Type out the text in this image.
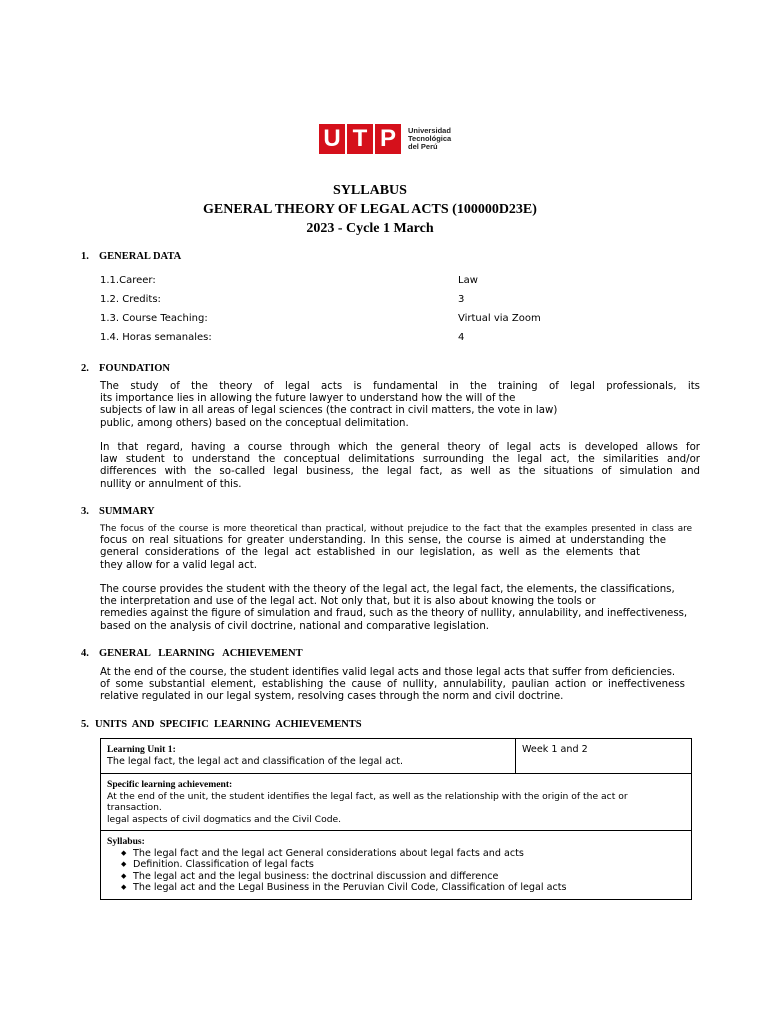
U T P	Universidad
Tecnológica
del Perú
SYLLABUS
GENERAL THEORY OF LEGAL ACTS (100000D23E)
2023 - Cycle 1 March
1. GENERAL DATA
1.1.Career:	Law
1.2. Credits:	3
1.3. Course Teaching:	Virtual via Zoom
1.4. Horas semanales:	4
2. FOUNDATION
The study of the theory of legal acts is fundamental in the training of legal professionals, its
its importance lies in allowing the future lawyer to understand how the will of the
subjects of law in all areas of legal sciences (the contract in civil matters, the vote in law)
public, among others) based on the conceptual delimitation.
In that regard, having a course through which the general theory of legal acts is developed allows for
law student to understand the conceptual delimitations surrounding the legal act, the similarities and/or
differences with the so-called legal business, the legal fact, as well as the situations of simulation and
nullity or annulment of this.
3. SUMMARY
The focus of the course is more theoretical than practical, without prejudice to the fact that the examples presented in class are
focus on real situations for greater understanding. In this sense, the course is aimed at understanding the
general considerations of the legal act established in our legislation, as well as the elements that
they allow for a valid legal act.
The course provides the student with the theory of the legal act, the legal fact, the elements, the classifications,
the interpretation and use of the legal act. Not only that, but it is also about knowing the tools or
remedies against the figure of simulation and fraud, such as the theory of nullity, annulability, and ineffectiveness,
based on the analysis of civil doctrine, national and comparative legislation.
4. GENERAL   LEARNING   ACHIEVEMENT
At the end of the course, the student identifies valid legal acts and those legal acts that suffer from deficiencies.
of some substantial element, establishing the cause of nullity, annulability, paulian action or ineffectiveness
relative regulated in our legal system, resolving cases through the norm and civil doctrine.
5. UNITS  AND  SPECIFIC  LEARNING  ACHIEVEMENTS
Learning Unit 1:
The legal fact, the legal act and classification of the legal act.

Week 1 and 2

Specific learning achievement:
At the end of the unit, the student identifies the legal fact, as well as the relationship with the origin of the act or transaction.
legal aspects of civil dogmatics and the Civil Code.

Syllabus:
◆ The legal fact and the legal act General considerations about legal facts and acts
◆ Definition. Classification of legal facts
◆ The legal act and the legal business: the doctrinal discussion and difference
◆ The legal act and the Legal Business in the Peruvian Civil Code, Classification of legal acts
